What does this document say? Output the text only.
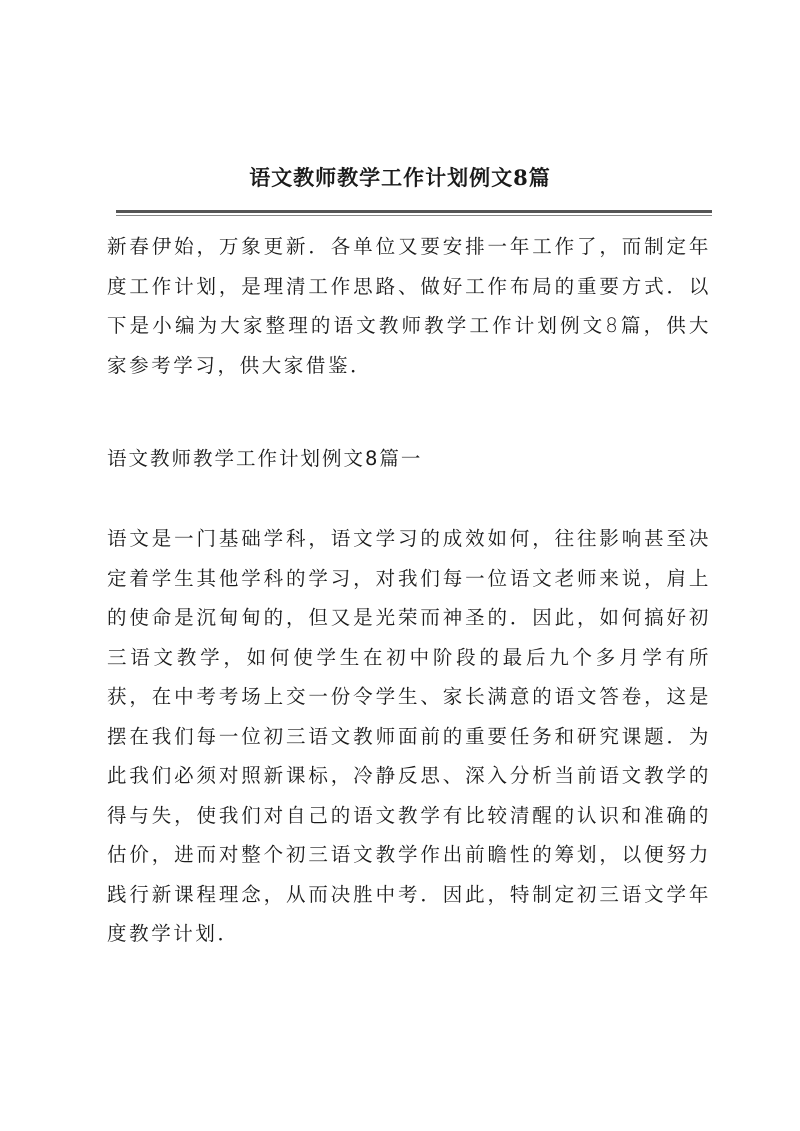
语文教师教学工作计划例文8篇

新春伊始，万象更新．各单位又要安排一年工作了，而制定年度工作计划，是理清工作思路、做好工作布局的重要方式．以下是小编为大家整理的语文教师教学工作计划例文8篇，供大家参考学习，供大家借鉴．

语文教师教学工作计划例文8篇一

语文是一门基础学科，语文学习的成效如何，往往影响甚至决定着学生其他学科的学习，对我们每一位语文老师来说，肩上的使命是沉甸甸的，但又是光荣而神圣的．因此，如何搞好初三语文教学，如何使学生在初中阶段的最后九个多月学有所获，在中考考场上交一份令学生、家长满意的语文答卷，这是摆在我们每一位初三语文教师面前的重要任务和研究课题．为此我们必须对照新课标，冷静反思、深入分析当前语文教学的得与失，使我们对自己的语文教学有比较清醒的认识和准确的估价，进而对整个初三语文教学作出前瞻性的筹划，以便努力践行新课程理念，从而决胜中考．因此，特制定初三语文学年度教学计划．
